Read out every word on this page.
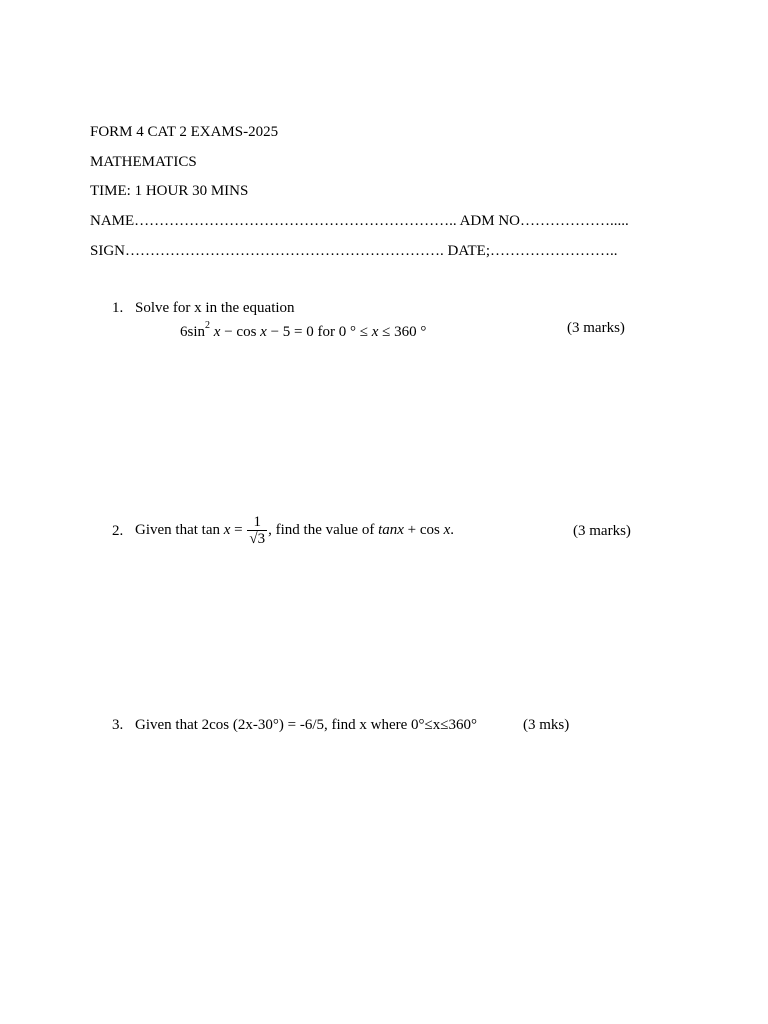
FORM 4 CAT 2 EXAMS-2025
MATHEMATICS
TIME: 1 HOUR 30 MINS
NAME……………………………………………………….. ADM NO……………….....
SIGN………………………………………………………. DATE;……………………..
1. Solve for x in the equation
$6\sin^2$ x − cos x − 5 = 0 for 0 ° ≤ x ≤ 360 °	(3 marks)
2. Given that $\tan x = \frac{1}{√3}$ , find the value of tanx + cos x.	(3 marks)
3. Given that 2cos (2x-30°) = -6/5, find x where 0°≤x≤360°	(3 mks)
